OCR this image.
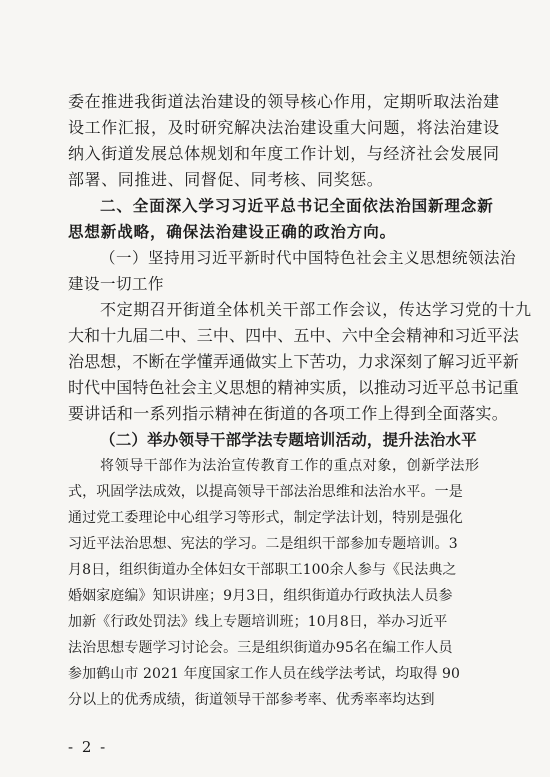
委在推进我街道法治建设的领导核心作用，定期听取法治建
设工作汇报，及时研究解决法治建设重大问题，将法治建设
纳入街道发展总体规划和年度工作计划，与经济社会发展同
部署、同推进、同督促、同考核、同奖惩。
二、全面深入学习习近平总书记全面依法治国新理念新
思想新战略，确保法治建设正确的政治方向。
（一）坚持用习近平新时代中国特色社会主义思想统领法治
建设一切工作
不定期召开街道全体机关干部工作会议，传达学习党的十九
大和十九届二中、三中、四中、五中、六中全会精神和习近平法
治思想，不断在学懂弄通做实上下苦功，力求深刻了解习近平新
时代中国特色社会主义思想的精神实质，以推动习近平总书记重
要讲话和一系列指示精神在街道的各项工作上得到全面落实。
（二）举办领导干部学法专题培训活动，提升法治水平
将领导干部作为法治宣传教育工作的重点对象，创新学法形
式，巩固学法成效，以提高领导干部法治思维和法治水平。一是
通过党工委理论中心组学习等形式，制定学法计划，特别是强化
习近平法治思想、宪法的学习。二是组织干部参加专题培训。3
月8日，组织街道办全体妇女干部职工100余人参与《民法典之
婚姻家庭编》知识讲座；9月3日，组织街道办行政执法人员参
加新《行政处罚法》线上专题培训班；10月8日，举办习近平
法治思想专题学习讨论会。三是组织街道办95名在编工作人员
参加鹤山市 2021 年度国家工作人员在线学法考试，均取得 90
分以上的优秀成绩，街道领导干部参考率、优秀率率均达到
- 2 -
